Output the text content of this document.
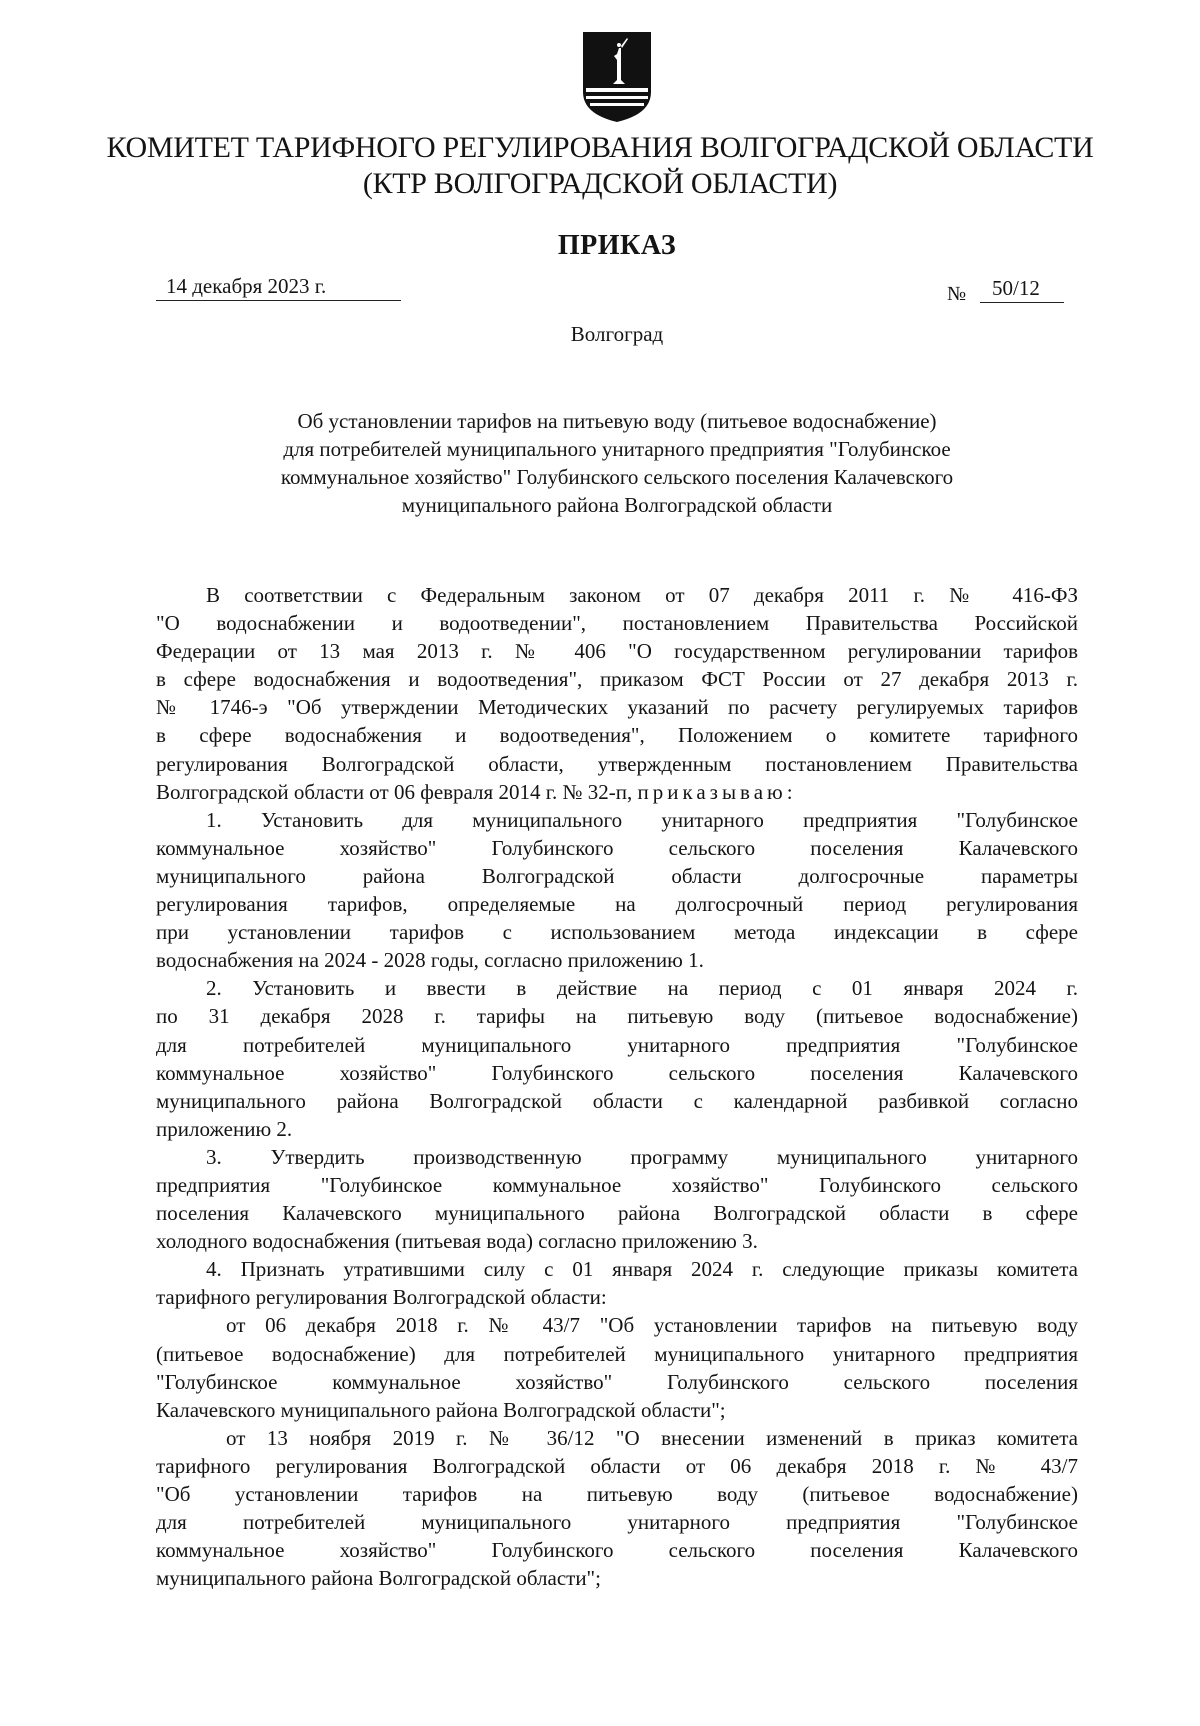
КОМИТЕТ ТАРИФНОГО РЕГУЛИРОВАНИЯ ВОЛГОГРАДСКОЙ ОБЛАСТИ
(КТР ВОЛГОГРАДСКОЙ ОБЛАСТИ)
ПРИКАЗ
14 декабря 2023 г.	№	50/12
Волгоград
Об установлении тарифов на питьевую воду (питьевое водоснабжение)
для потребителей муниципального унитарного предприятия "Голубинское
коммунальное хозяйство" Голубинского сельского поселения Калачевского
муниципального района Волгоградской области
В соответствии с Федеральным законом от 07 декабря 2011 г. № 416-ФЗ
"О водоснабжении и водоотведении", постановлением Правительства Российской
Федерации от 13 мая 2013 г. № 406 "О государственном регулировании тарифов
в сфере водоснабжения и водоотведения", приказом ФСТ России от 27 декабря 2013 г.
№ 1746-э "Об утверждении Методических указаний по расчету регулируемых тарифов
в сфере водоснабжения и водоотведения", Положением о комитете тарифного
регулирования Волгоградской области, утвержденным постановлением Правительства
Волгоградской области от 06 февраля 2014 г. № 32-п, приказываю:
1. Установить для муниципального унитарного предприятия "Голубинское
коммунальное хозяйство" Голубинского сельского поселения Калачевского
муниципального района Волгоградской области долгосрочные параметры
регулирования тарифов, определяемые на долгосрочный период регулирования
при установлении тарифов с использованием метода индексации в сфере
водоснабжения на 2024 - 2028 годы, согласно приложению 1.
2. Установить и ввести в действие на период с 01 января 2024 г.
по 31 декабря 2028 г. тарифы на питьевую воду (питьевое водоснабжение)
для потребителей муниципального унитарного предприятия "Голубинское
коммунальное хозяйство" Голубинского сельского поселения Калачевского
муниципального района Волгоградской области с календарной разбивкой согласно
приложению 2.
3. Утвердить производственную программу муниципального унитарного
предприятия "Голубинское коммунальное хозяйство" Голубинского сельского
поселения Калачевского муниципального района Волгоградской области в сфере
холодного водоснабжения (питьевая вода) согласно приложению 3.
4. Признать утратившими силу с 01 января 2024 г. следующие приказы комитета
тарифного регулирования Волгоградской области:
от 06 декабря 2018 г. № 43/7 "Об установлении тарифов на питьевую воду
(питьевое водоснабжение) для потребителей муниципального унитарного предприятия
"Голубинское коммунальное хозяйство" Голубинского сельского поселения
Калачевского муниципального района Волгоградской области";
от 13 ноября 2019 г. № 36/12 "О внесении изменений в приказ комитета
тарифного регулирования Волгоградской области от 06 декабря 2018 г. № 43/7
"Об установлении тарифов на питьевую воду (питьевое водоснабжение)
для потребителей муниципального унитарного предприятия "Голубинское
коммунальное хозяйство" Голубинского сельского поселения Калачевского
муниципального района Волгоградской области";
